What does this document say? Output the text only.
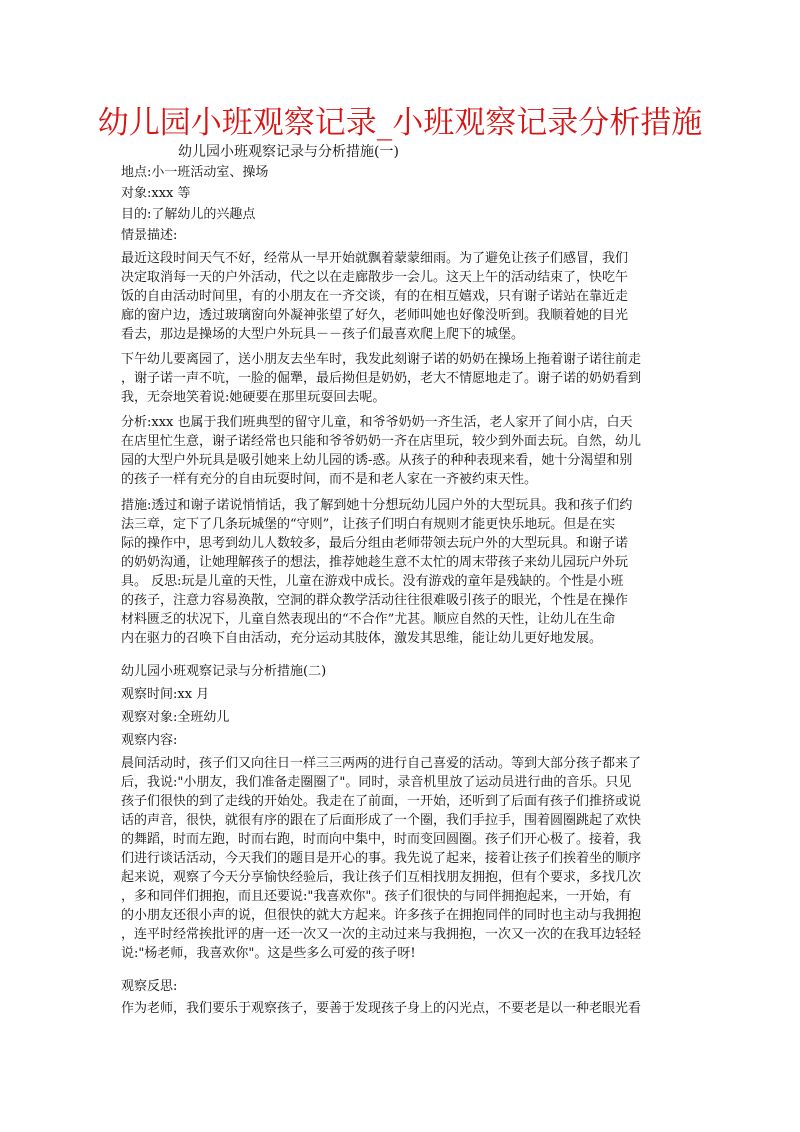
幼儿园小班观察记录_小班观察记录分析措施
幼儿园小班观察记录与分析措施(一)
地点:小一班活动室、操场
对象:xxx 等
目的:了解幼儿的兴趣点
情景描述:
最近这段时间天气不好，经常从一早开始就飘着蒙蒙细雨。为了避免让孩子们感冒，我们
决定取消每一天的户外活动，代之以在走廊散步一会儿。这天上午的活动结束了，快吃午
饭的自由活动时间里，有的小朋友在一齐交谈，有的在相互嬉戏，只有谢子诺站在靠近走
廊的窗户边，透过玻璃窗向外凝神张望了好久，老师叫她也好像没听到。我顺着她的目光
看去，那边是操场的大型户外玩具－－孩子们最喜欢爬上爬下的城堡。
下午幼儿要离园了，送小朋友去坐车时，我发此刻谢子诺的奶奶在操场上拖着谢子诺往前走
，谢子诺一声不吭，一脸的倔犟，最后拗但是奶奶，老大不情愿地走了。谢子诺的奶奶看到
我，无奈地笑着说:她硬要在那里玩耍回去呢。
分析:xxx 也属于我们班典型的留守儿童，和爷爷奶奶一齐生活，老人家开了间小店，白天
在店里忙生意，谢子诺经常也只能和爷爷奶奶一齐在店里玩，较少到外面去玩。自然，幼儿
园的大型户外玩具是吸引她来上幼儿园的诱-惑。从孩子的种种表现来看，她十分渴望和别
的孩子一样有充分的自由玩耍时间，而不是和老人家在一齐被约束天性。
措施:透过和谢子诺说悄悄话，我了解到她十分想玩幼儿园户外的大型玩具。我和孩子们约
法三章，定下了几条玩城堡的“守则”，让孩子们明白有规则才能更快乐地玩。但是在实
际的操作中，思考到幼儿人数较多，最后分组由老师带领去玩户外的大型玩具。和谢子诺
的奶奶沟通，让她理解孩子的想法，推荐她趁生意不太忙的周末带孩子来幼儿园玩户外玩
具。 反思:玩是儿童的天性，儿童在游戏中成长。没有游戏的童年是残缺的。个性是小班
的孩子，注意力容易涣散，空洞的群众教学活动往往很难吸引孩子的眼光，个性是在操作
材料匮乏的状况下，儿童自然表现出的“不合作”尤甚。顺应自然的天性，让幼儿在生命
内在驱力的召唤下自由活动，充分运动其肢体，激发其思维，能让幼儿更好地发展。
幼儿园小班观察记录与分析措施(二)
观察时间:xx 月
观察对象:全班幼儿
观察内容:
晨间活动时，孩子们又向往日一样三三两两的进行自己喜爱的活动。等到大部分孩子都来了
后，我说:"小朋友，我们准备走圈圈了"。同时，录音机里放了运动员进行曲的音乐。只见
孩子们很快的到了走线的开始处。我走在了前面，一开始，还听到了后面有孩子们推挤或说
话的声音，很快，就很有序的跟在了后面形成了一个圈，我们手拉手，围着圆圈跳起了欢快
的舞蹈，时而左跑，时而右跑，时而向中集中，时而变回圆圈。孩子们开心极了。接着，我
们进行谈话活动，今天我们的题目是开心的事。我先说了起来，接着让孩子们挨着坐的顺序
起来说，观察了今天分享愉快经验后，我让孩子们互相找朋友拥抱，但有个要求，多找几次
，多和同伴们拥抱，而且还要说:"我喜欢你"。孩子们很快的与同伴拥抱起来，一开始，有
的小朋友还很小声的说，但很快的就大方起来。许多孩子在拥抱同伴的同时也主动与我拥抱
，连平时经常挨批评的唐一还一次又一次的主动过来与我拥抱，一次又一次的在我耳边轻轻
说:"杨老师，我喜欢你"。这是些多么可爱的孩子呀!
观察反思:
作为老师，我们要乐于观察孩子，要善于发现孩子身上的闪光点，不要老是以一种老眼光看
